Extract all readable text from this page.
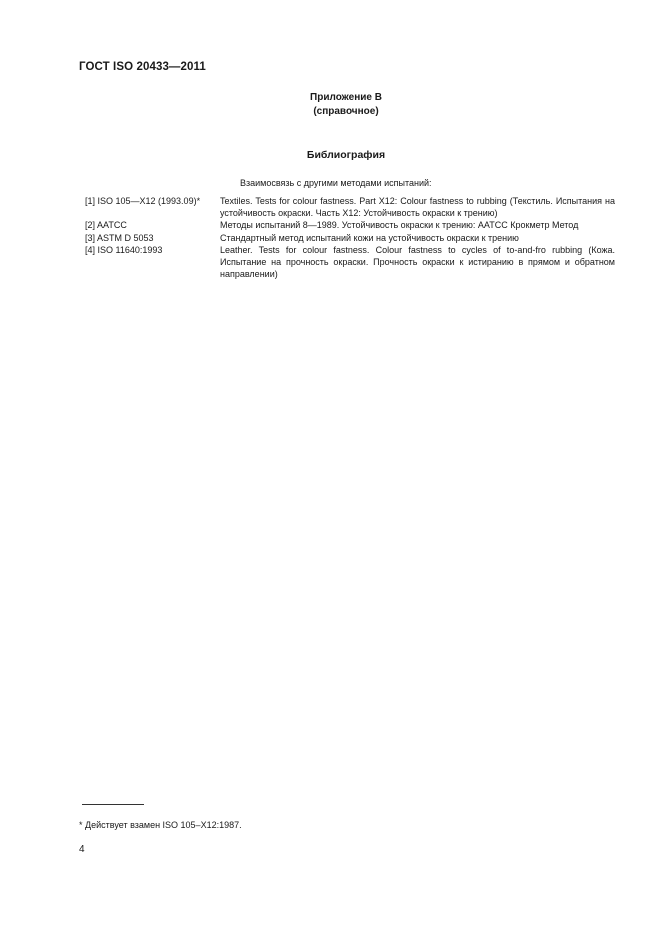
ГОСТ ISO 20433—2011
Приложение В
(справочное)
Библиография
Взаимосвязь с другими методами испытаний:
[1] ISO 105—X12 (1993.09)*	Textiles. Tests for colour fastness. Part X12: Colour fastness to rubbing (Текстиль. Испытания на устойчивость окраски. Часть X12: Устойчивость окраски к трению)
[2] AATCC	Методы испытаний 8—1989. Устойчивость окраски к трению: AATCC Крокметр Метод
[3] ASTM D 5053	Стандартный метод испытаний кожи на устойчивость окраски к трению
[4] ISO 11640:1993	Leather. Tests for colour fastness. Colour fastness to cycles of to-and-fro rubbing (Кожа. Испытание на прочность окраски. Прочность окраски к истиранию в прямом и обратном направлении)
* Действует взамен ISO 105–X12:1987.
4
